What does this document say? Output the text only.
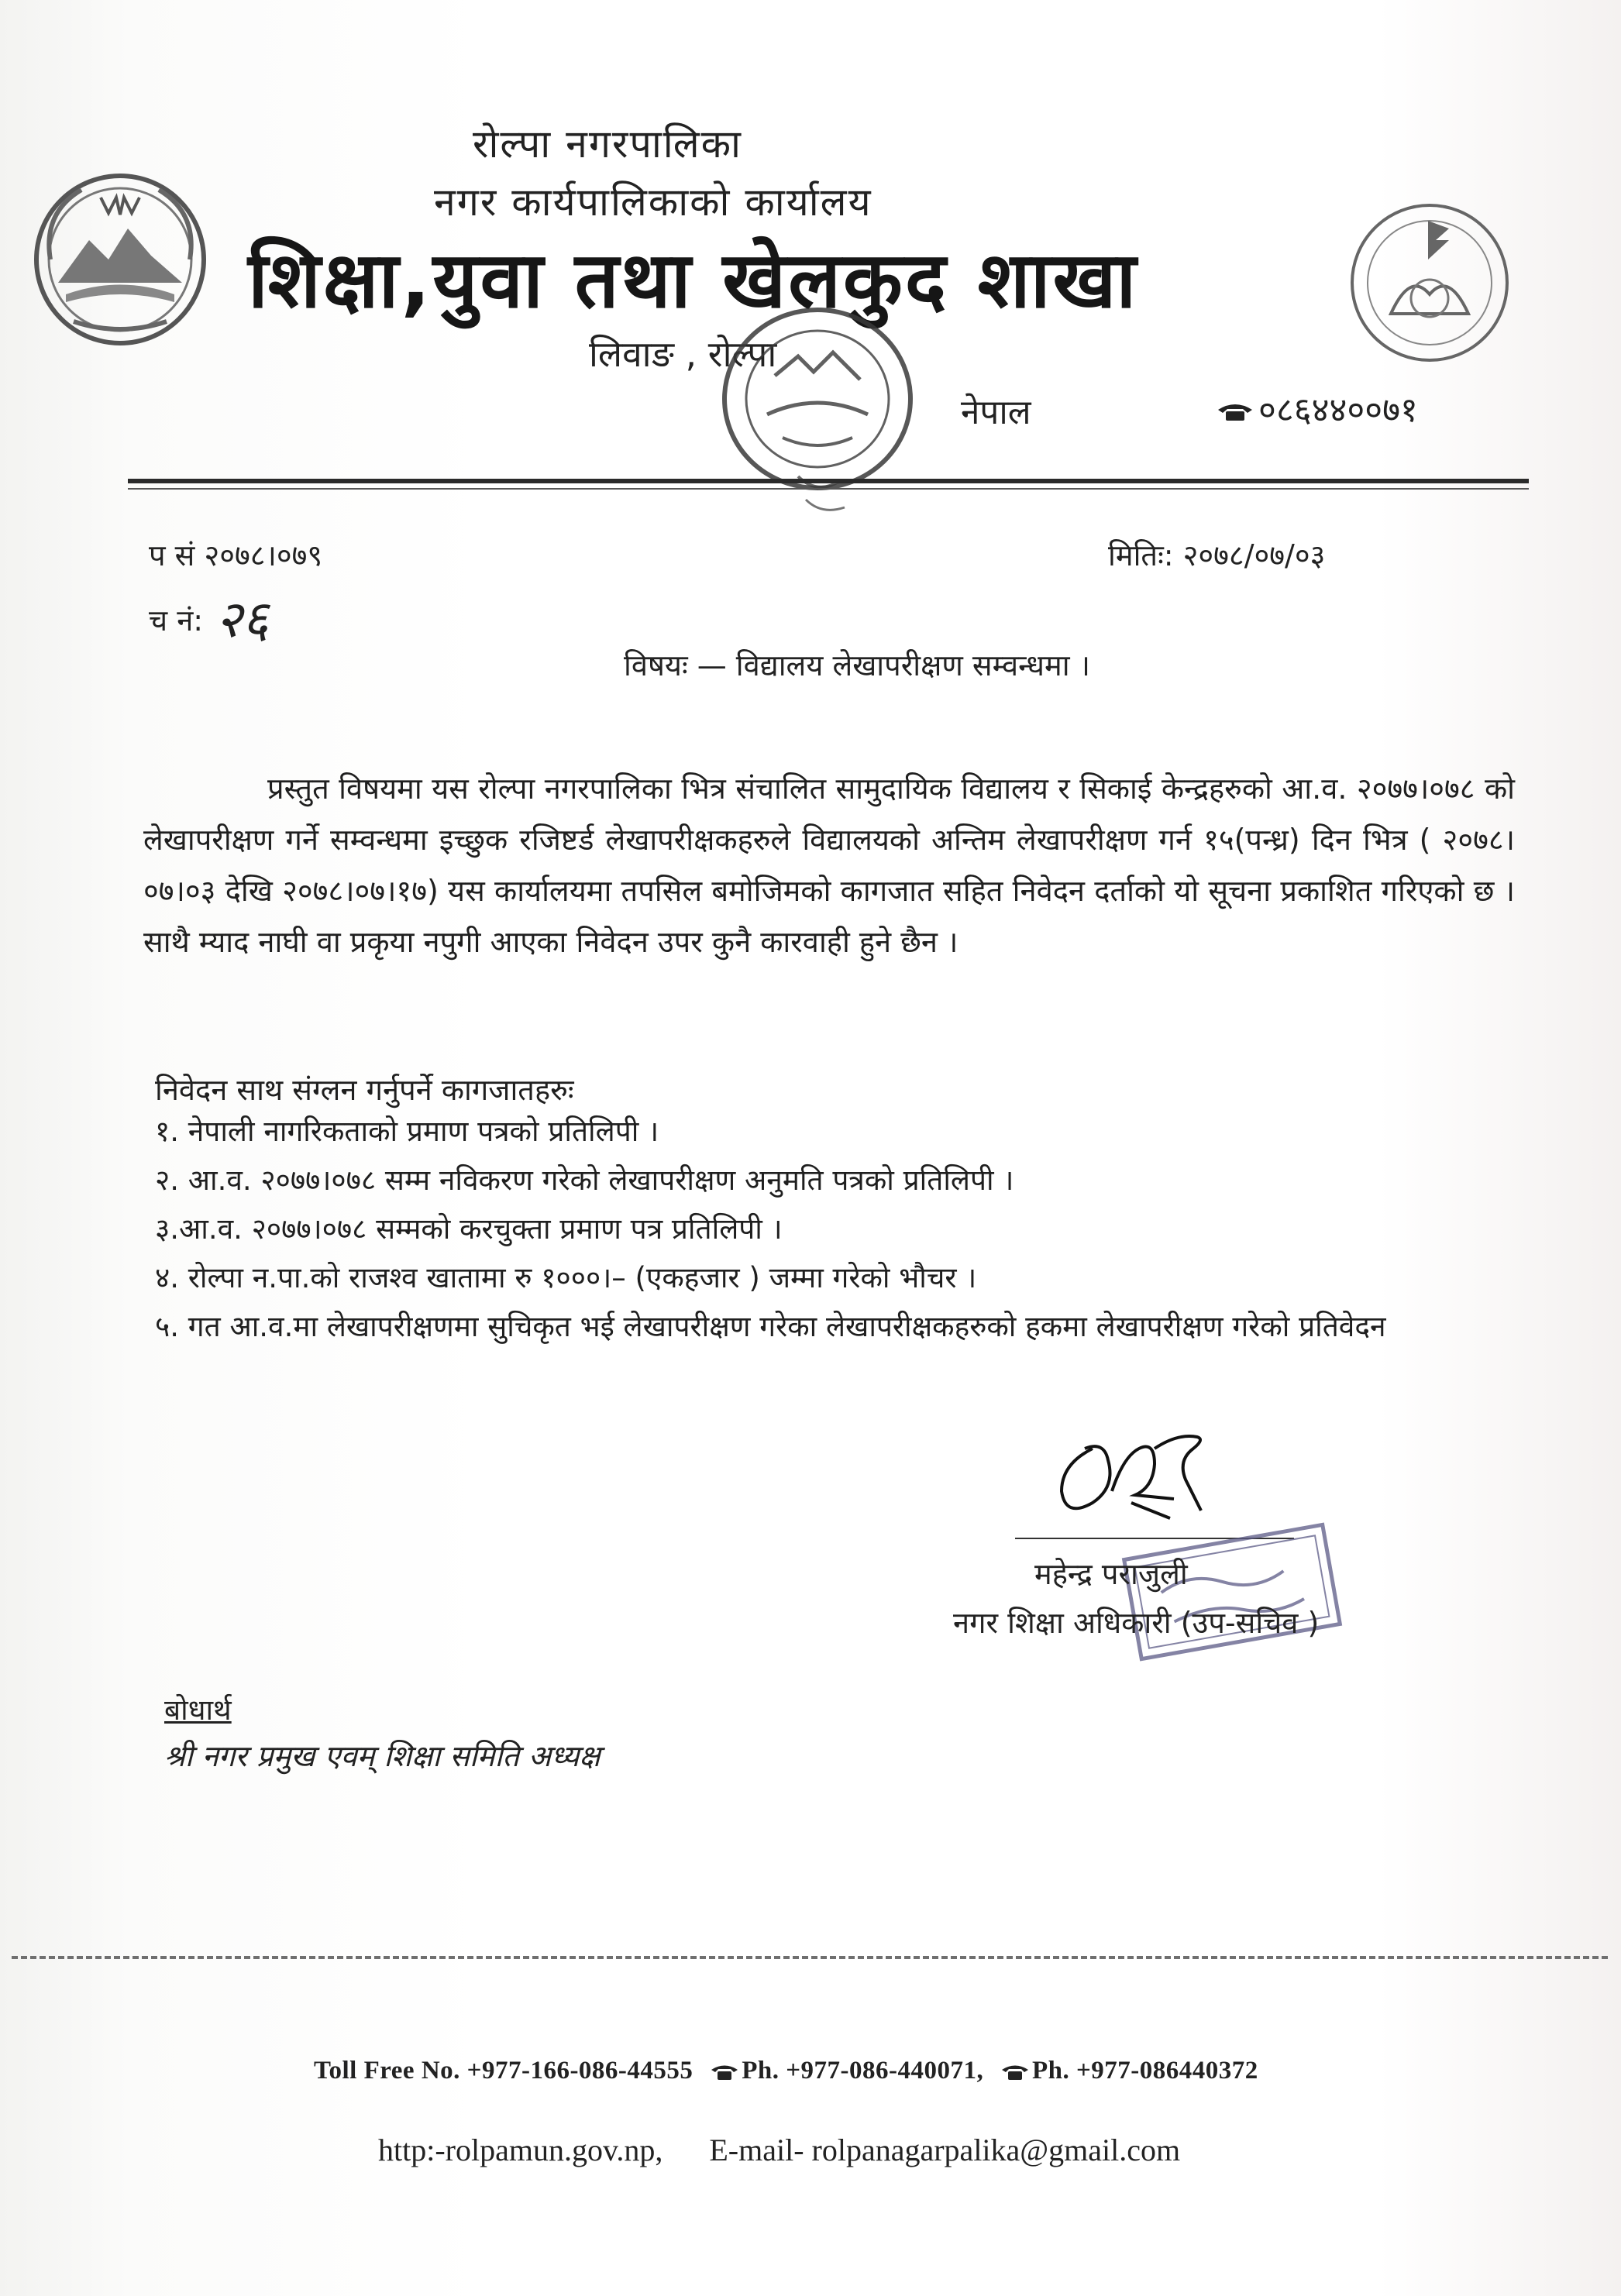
रोल्पा नगरपालिका
नगर कार्यपालिकाको कार्यालय
शिक्षा,युवा तथा खेलकुद शाखा
लिवाङ , रोल्पा
नेपाल	०८६४४००७१
प सं २०७८।०७९
च नं: २६
मितिः: २०७८/०७/०३
विषयः — विद्यालय लेखापरीक्षण सम्वन्धमा ।

प्रस्तुत विषयमा यस रोल्पा नगरपालिका भित्र संचालित सामुदायिक विद्यालय र सिकाई केन्द्रहरुको आ.व. २०७७।०७८ को लेखापरीक्षण गर्ने सम्वन्धमा इच्छुक रजिष्टर्ड लेखापरीक्षकहरुले विद्यालयको अन्तिम लेखापरीक्षण गर्न १५(पन्ध्र) दिन भित्र ( २०७८।०७।०३ देखि २०७८।०७।१७) यस कार्यालयमा तपसिल बमोजिमको कागजात सहित निवेदन दर्ताको यो सूचना प्रकाशित गरिएको छ । साथै म्याद नाघी वा प्रकृया नपुगी आएका निवेदन उपर कुनै कारवाही हुने छैन ।

निवेदन साथ संग्लन गर्नुपर्ने कागजातहरुः
१. नेपाली नागरिकताको प्रमाण पत्रको प्रतिलिपी ।
२. आ.व. २०७७।०७८ सम्म नविकरण गरेको लेखापरीक्षण अनुमति पत्रको प्रतिलिपी ।
३.आ.व. २०७७।०७८ सम्मको करचुक्ता प्रमाण पत्र प्रतिलिपी ।
४. रोल्पा न.पा.को राजश्व खातामा रु १०००।– (एकहजार ) जम्मा गरेको भौचर ।
५. गत आ.व.मा लेखापरीक्षणमा सुचिकृत भई लेखापरीक्षण गरेका लेखापरीक्षकहरुको हकमा लेखापरीक्षण गरेको प्रतिवेदन
महेन्द्र पराजुली
नगर शिक्षा अधिकारी (उप-सचिव )
बोधार्थ
श्री नगर प्रमुख एवम् शिक्षा समिति अध्यक्ष
Toll Free No. +977-166-086-44555 Ph. +977-086-440071, Ph. +977-086440372
http:-rolpamun.gov.np, E-mail- rolpanagarpalika@gmail.com
